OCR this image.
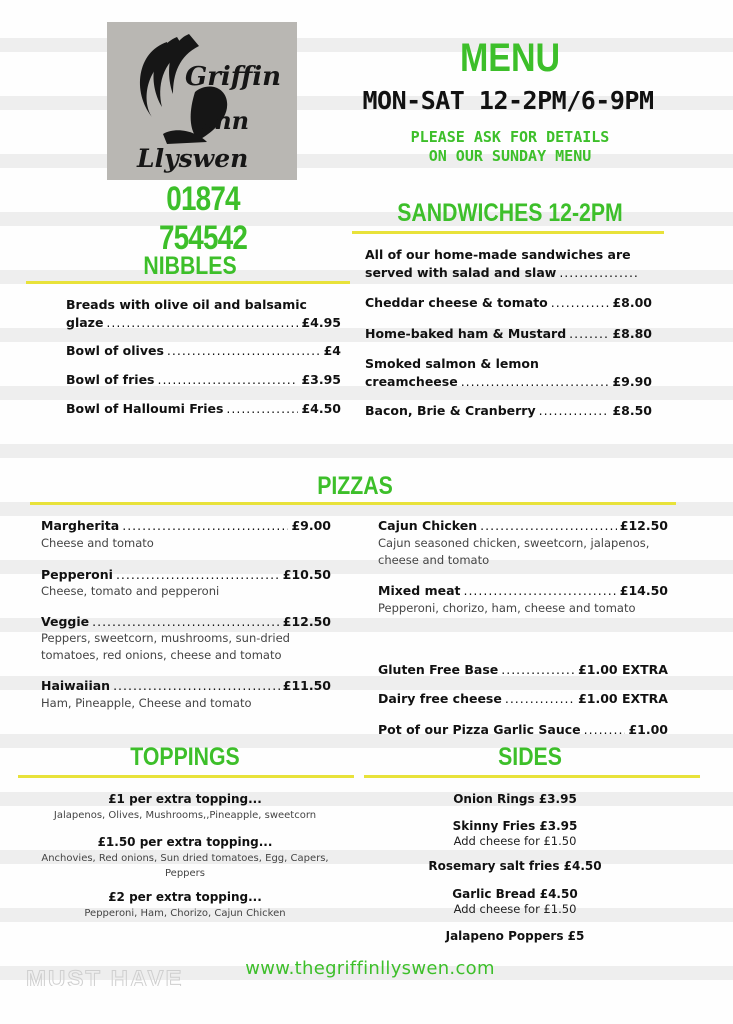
Griffin
Inn
Llyswen
01874 754542
MENU
MON-SAT 12-2PM/6-9PM
PLEASE ASK FOR DETAILS
ON OUR SUNDAY MENU
NIBBLES
Breads with olive oil and balsamic
glaze .....	£4.95
Bowl of olives .....	£4
Bowl of fries .....	£3.95
Bowl of Halloumi Fries .....	£4.50
SANDWICHES 12-2PM
All of our home-made sandwiches are
served with salad and slaw
.....
Cheddar cheese & tomato .....	£8.00
Home-baked ham & Mustard .....	£8.80
Smoked salmon & lemon
creamcheese .....	£9.90
Bacon, Brie & Cranberry .....	£8.50
PIZZAS
Margherita .....	£9.00
Cheese and tomato
Pepperoni .....	£10.50
Cheese, tomato and pepperoni
Veggie .....	£12.50
Peppers, sweetcorn, mushrooms, sun-dried tomatoes, red onions, cheese and tomato
Haiwaiian .....	£11.50
Ham, Pineapple, Cheese and tomato
Cajun Chicken .....	£12.50
Cajun seasoned chicken, sweetcorn, jalapenos, cheese and tomato
Mixed meat .....	£14.50
Pepperoni, chorizo, ham, cheese and tomato
Gluten Free Base .....	£1.00 EXTRA
Dairy free cheese .....	£1.00 EXTRA
Pot of our Pizza Garlic Sauce .....	£1.00
TOPPINGS
£1 per extra topping...
Jalapenos, Olives, Mushrooms,,Pineapple, sweetcorn
£1.50 per extra topping...
Anchovies, Red onions, Sun dried tomatoes, Egg, Capers, Peppers
£2 per extra topping...
Pepperoni, Ham, Chorizo, Cajun Chicken
SIDES
Onion Rings £3.95
Skinny Fries £3.95
Add cheese for £1.50
Rosemary salt fries £4.50
Garlic Bread £4.50
Add cheese for £1.50
Jalapeno Poppers £5
MUST HAVE	www.thegriffinllyswen.com
